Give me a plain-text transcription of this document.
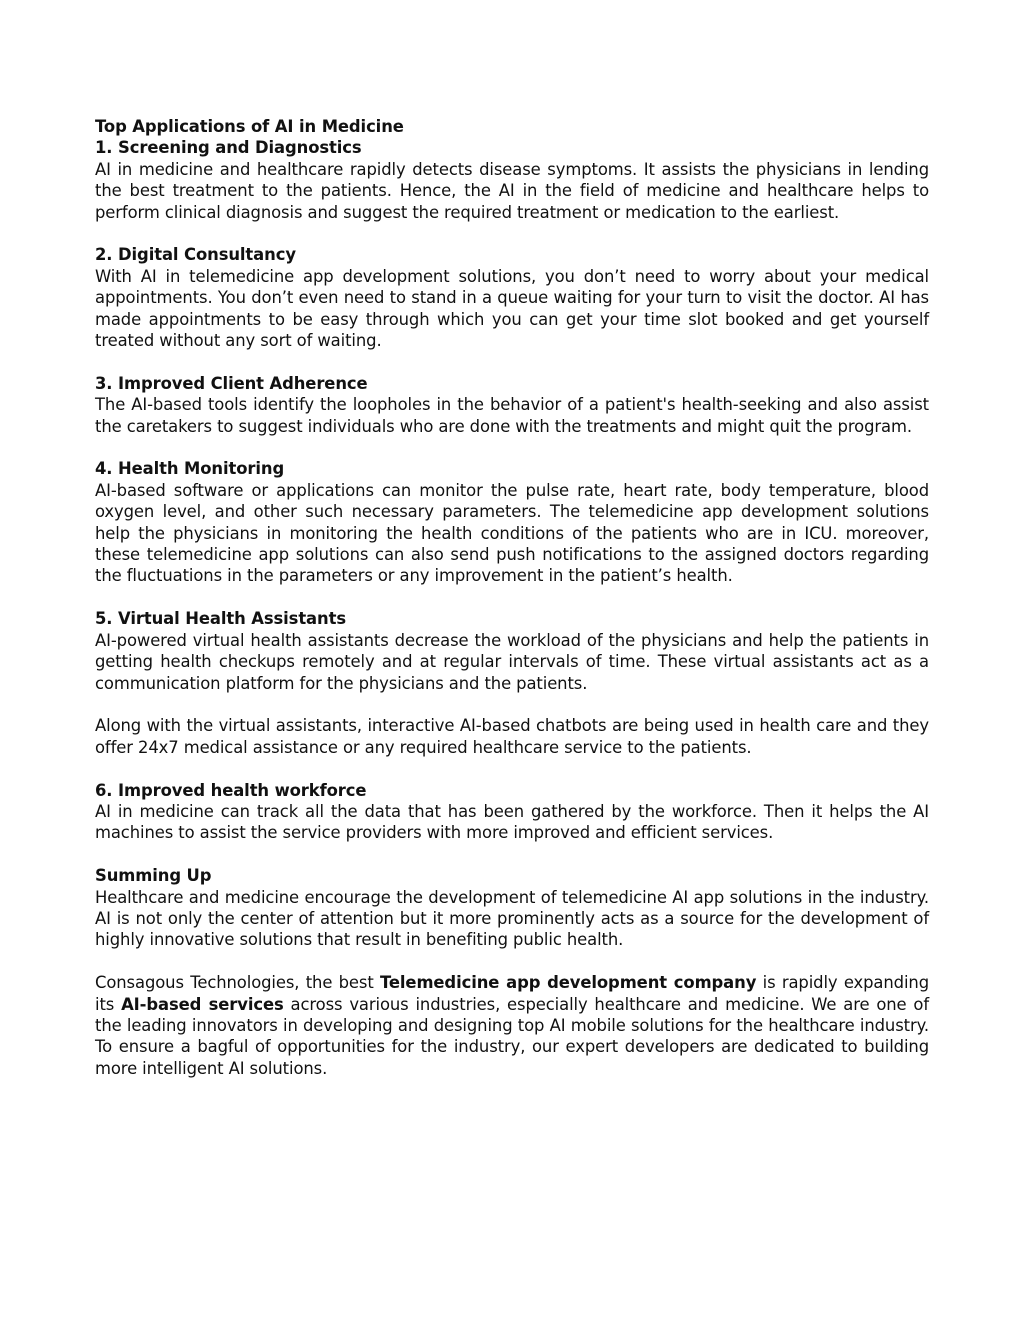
Top Applications of AI in Medicine

1. Screening and Diagnostics

AI in medicine and healthcare rapidly detects disease symptoms. It assists the physicians in lending the best treatment to the patients. Hence, the AI in the field of medicine and healthcare helps to perform clinical diagnosis and suggest the required treatment or medication to the earliest.

2. Digital Consultancy

With AI in telemedicine app development solutions, you don’t need to worry about your medical appointments. You don’t even need to stand in a queue waiting for your turn to visit the doctor. AI has made appointments to be easy through which you can get your time slot booked and get yourself treated without any sort of waiting.

3. Improved Client Adherence

The AI-based tools identify the loopholes in the behavior of a patient's health-seeking and also assist the caretakers to suggest individuals who are done with the treatments and might quit the program.

4. Health Monitoring

AI-based software or applications can monitor the pulse rate, heart rate, body temperature, blood oxygen level, and other such necessary parameters. The telemedicine app development solutions help the physicians in monitoring the health conditions of the patients who are in ICU. moreover, these telemedicine app solutions can also send push notifications to the assigned doctors regarding the fluctuations in the parameters or any improvement in the patient’s health.

5. Virtual Health Assistants

AI-powered virtual health assistants decrease the workload of the physicians and help the patients in getting health checkups remotely and at regular intervals of time. These virtual assistants act as a communication platform for the physicians and the patients.

Along with the virtual assistants, interactive AI-based chatbots are being used in health care and they offer 24x7 medical assistance or any required healthcare service to the patients.

6. Improved health workforce

AI in medicine can track all the data that has been gathered by the workforce. Then it helps the AI machines to assist the service providers with more improved and efficient services.

Summing Up

Healthcare and medicine encourage the development of telemedicine AI app solutions in the industry. AI is not only the center of attention but it more prominently acts as a source for the development of highly innovative solutions that result in benefiting public health.

Consagous Technologies, the best Telemedicine app development company is rapidly expanding its AI-based services across various industries, especially healthcare and medicine. We are one of the leading innovators in developing and designing top AI mobile solutions for the healthcare industry. To ensure a bagful of opportunities for the industry, our expert developers are dedicated to building more intelligent AI solutions.
